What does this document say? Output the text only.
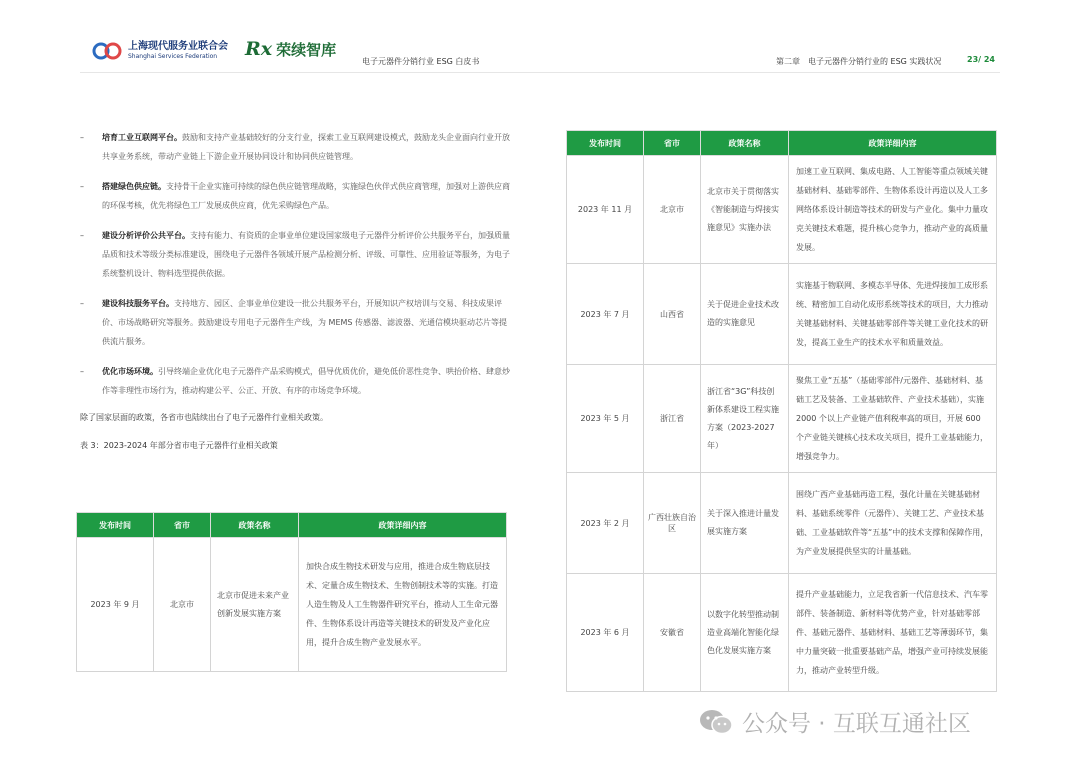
上海现代服务业联合会
Shanghai Services Federation	Rx 荣续智库
电子元器件分销行业 ESG 白皮书	第二章　电子元器件分销行业的 ESG 实践状况	23/ 24
– 培育工业互联网平台。鼓励和支持产业基础较好的分支行业，探索工业互联网建设模式，鼓励龙头企业面向行业开放共享业务系统，带动产业链上下游企业开展协同设计和协同供应链管理。
– 搭建绿色供应链。支持骨干企业实施可持续的绿色供应链管理战略，实施绿色伙伴式供应商管理，加强对上游供应商的环保考核，优先将绿色工厂发展成供应商，优先采购绿色产品。
– 建设分析评价公共平台。支持有能力、有资质的企事业单位建设国家级电子元器件分析评价公共服务平台，加强质量品质和技术等级分类标准建设，围绕电子元器件各领域开展产品检测分析、评级、可靠性、应用验证等服务，为电子系统整机设计、物料选型提供依据。
– 建设科技服务平台。支持地方、园区、企事业单位建设一批公共服务平台，开展知识产权培训与交易、科技成果评价、市场战略研究等服务。鼓励建设专用电子元器件生产线，为 MEMS 传感器、滤波器、光通信模块驱动芯片等提供流片服务。
– 优化市场环境。引导终端企业优化电子元器件产品采购模式，倡导优质优价，避免低价恶性竞争、哄抬价格、肆意炒作等非理性市场行为，推动构建公平、公正、开放、有序的市场竞争环境。
除了国家层面的政策，各省市也陆续出台了电子元器件行业相关政策。
表 3：2023-2024 年部分省市电子元器件行业相关政策
发布时间	省市	政策名称	政策详细内容
2023 年 9 月	北京市	北京市促进未来产业创新发展实施方案	加快合成生物技术研发与应用，推进合成生物底层技术、定量合成生物技术、生物创制技术等的实施。打造人造生物及人工生物器件研究平台，推动人工生命元器件、生物体系设计再造等关键技术的研发及产业化应用，提升合成生物产业发展水平。
发布时间	省市	政策名称	政策详细内容
2023 年 11 月	北京市	北京市关于贯彻落实《智能制造与焊接实施意见》实施办法	加速工业互联网、集成电路、人工智能等重点领域关键基础材料、基础零部件、生物体系设计再造以及人工多网络体系设计制造等技术的研发与产业化。集中力量攻克关键技术难题，提升核心竞争力，推动产业的高质量发展。
2023 年 7 月	山西省	关于促进企业技术改造的实施意见	实施基于物联网、多模态半导体、先进焊接加工成形系统、精密加工自动化成形系统等技术的项目，大力推动关键基础材料、关键基础零部件等关键工业化技术的研发，提高工业生产的技术水平和质量效益。
2023 年 5 月	浙江省	浙江省“3G”科技创新体系建设工程实施方案（2023-2027 年）	聚焦工业“五基”（基础零部件/元器件、基础材料、基础工艺及装备、工业基础软件、产业技术基础），实施 2000 个以上产业链产值利税率高的项目，开展 600 个产业链关键核心技术攻关项目，提升工业基础能力，增强竞争力。
2023 年 2 月	广西壮族自治区	关于深入推进计量发展实施方案	围绕广西产业基础再造工程，强化计量在关键基础材料、基础系统零件（元器件）、关键工艺、产业技术基础、工业基础软件等“五基”中的技术支撑和保障作用，为产业发展提供坚实的计量基础。
2023 年 6 月	安徽省	以数字化转型推动制造业高端化智能化绿色化发展实施方案	提升产业基础能力，立足我省新一代信息技术、汽车零部件、装备制造、新材料等优势产业，针对基础零部件、基础元器件、基础材料、基础工艺等薄弱环节，集中力量突破一批重要基础产品，增强产业可持续发展能力，推动产业转型升级。
公众号 · 互联互通社区
